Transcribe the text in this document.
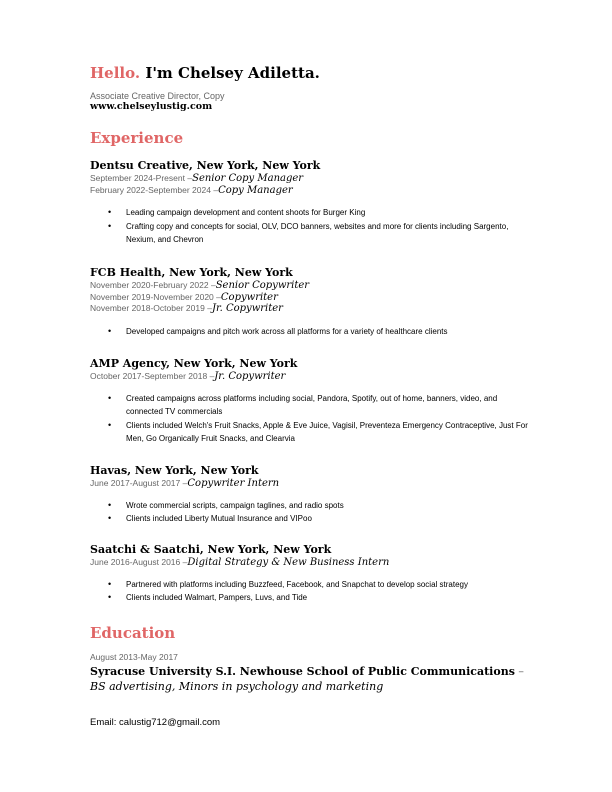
Hello. I'm Chelsey Adiletta.
Associate Creative Director, Copy
www.chelseylustig.com
Experience
Dentsu Creative, New York, New York
September 2024-Present –Senior Copy Manager
February 2022-September 2024 –Copy Manager
• Leading campaign development and content shoots for Burger King
• Crafting copy and concepts for social, OLV, DCO banners, websites and more for clients including Sargento, Nexium, and Chevron
FCB Health, New York, New York
November 2020-February 2022 –Senior Copywriter
November 2019-November 2020 –Copywriter
November 2018-October 2019 –Jr. Copywriter
• Developed campaigns and pitch work across all platforms for a variety of healthcare clients
AMP Agency, New York, New York
October 2017-September 2018 –Jr. Copywriter
• Created campaigns across platforms including social, Pandora, Spotify, out of home, banners, video, and connected TV commercials
• Clients included Welch's Fruit Snacks, Apple & Eve Juice, Vagisil, Preventeza Emergency Contraceptive, Just For Men, Go Organically Fruit Snacks, and Clearvia
Havas, New York, New York
June 2017-August 2017 –Copywriter Intern
• Wrote commercial scripts, campaign taglines, and radio spots
• Clients included Liberty Mutual Insurance and VIPoo
Saatchi & Saatchi, New York, New York
June 2016-August 2016 –Digital Strategy & New Business Intern
• Partnered with platforms including Buzzfeed, Facebook, and Snapchat to develop social strategy
• Clients included Walmart, Pampers, Luvs, and Tide
Education
August 2013-May 2017
Syracuse University S.I. Newhouse School of Public Communications – BS advertising, Minors in psychology and marketing
Email: calustig712@gmail.com
